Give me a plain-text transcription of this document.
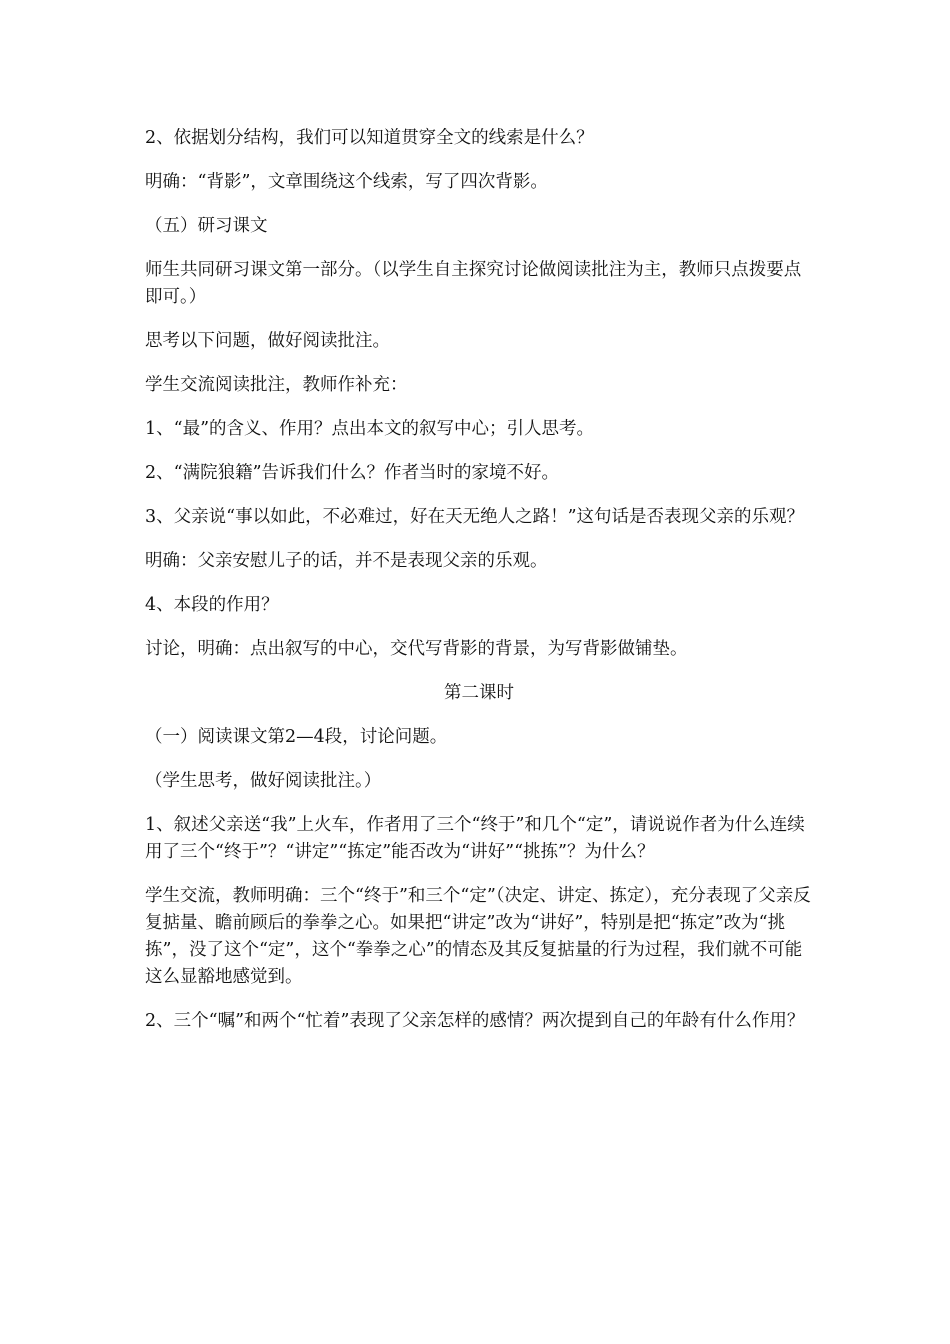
2、依据划分结构，我们可以知道贯穿全文的线索是什么？

明确：“背影”，文章围绕这个线索，写了四次背影。

（五）研习课文

师生共同研习课文第一部分。（以学生自主探究讨论做阅读批注为主，教师只点拨要点即可。）

思考以下问题，做好阅读批注。

学生交流阅读批注，教师作补充：

1、“最”的含义、作用？点出本文的叙写中心；引人思考。

2、“满院狼籍”告诉我们什么？作者当时的家境不好。

3、父亲说“事以如此，不必难过，好在天无绝人之路！”这句话是否表现父亲的乐观？

明确：父亲安慰儿子的话，并不是表现父亲的乐观。

4、本段的作用？

讨论，明确：点出叙写的中心，交代写背影的背景，为写背影做铺垫。

第二课时

（一）阅读课文第2—4段，讨论问题。

（学生思考，做好阅读批注。）

1、叙述父亲送“我”上火车，作者用了三个“终于”和几个“定”，请说说作者为什么连续用了三个“终于”？“讲定”“拣定”能否改为“讲好”“挑拣”？为什么？

学生交流，教师明确：三个“终于”和三个“定”（决定、讲定、拣定），充分表现了父亲反复掂量、瞻前顾后的拳拳之心。如果把“讲定”改为“讲好”，特别是把“拣定”改为“挑拣”，没了这个“定”，这个“拳拳之心”的情态及其反复掂量的行为过程，我们就不可能这么显豁地感觉到。

2、三个“嘱”和两个“忙着”表现了父亲怎样的感情？两次提到自己的年龄有什么作用？
